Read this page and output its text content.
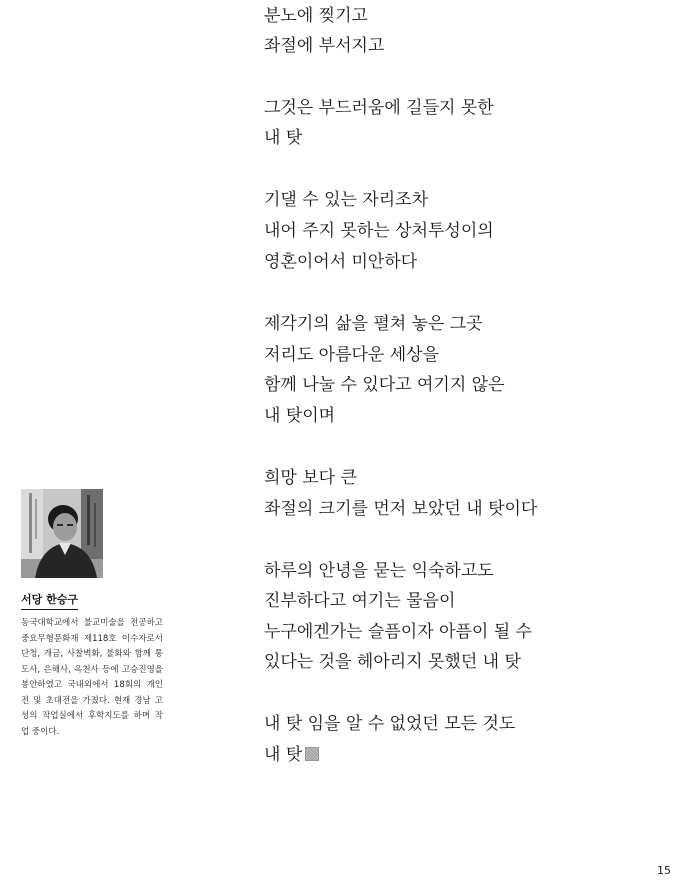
분노에 찢기고
좌절에 부서지고
그것은 부드러움에 길들지 못한
내 탓
기댈 수 있는 자리조차
내어 주지 못하는 상처투성이의
영혼이어서 미안하다
제각기의 삶을 펼쳐 놓은 그곳
저리도 아름다운 세상을
함께 나눌 수 있다고 여기지 않은
내 탓이며
희망 보다 큰
좌절의 크기를 먼저 보았던 내 탓이다
하루의 안녕을 묻는 익숙하고도
진부하다고 여기는 물음이
누구에겐가는 슬픔이자 아픔이 될 수
있다는 것을 헤아리지 못했던 내 탓
내 탓 임을 알 수 없었던 모든 것도
내 탓
서당 한승구

동국대학교에서 불교미술을 전공하고 중요무형문화재 제118호 이수자로서 단청, 개금, 사찰벽화, 불화와 함께 통도사, 은해사, 옥천사 등에 고승진영을 봉안하였고 국내외에서 18회의 개인전 및 초대전을 가졌다. 현재 경남 고성의 작업실에서 후학지도를 하며 작업 중이다.

15
